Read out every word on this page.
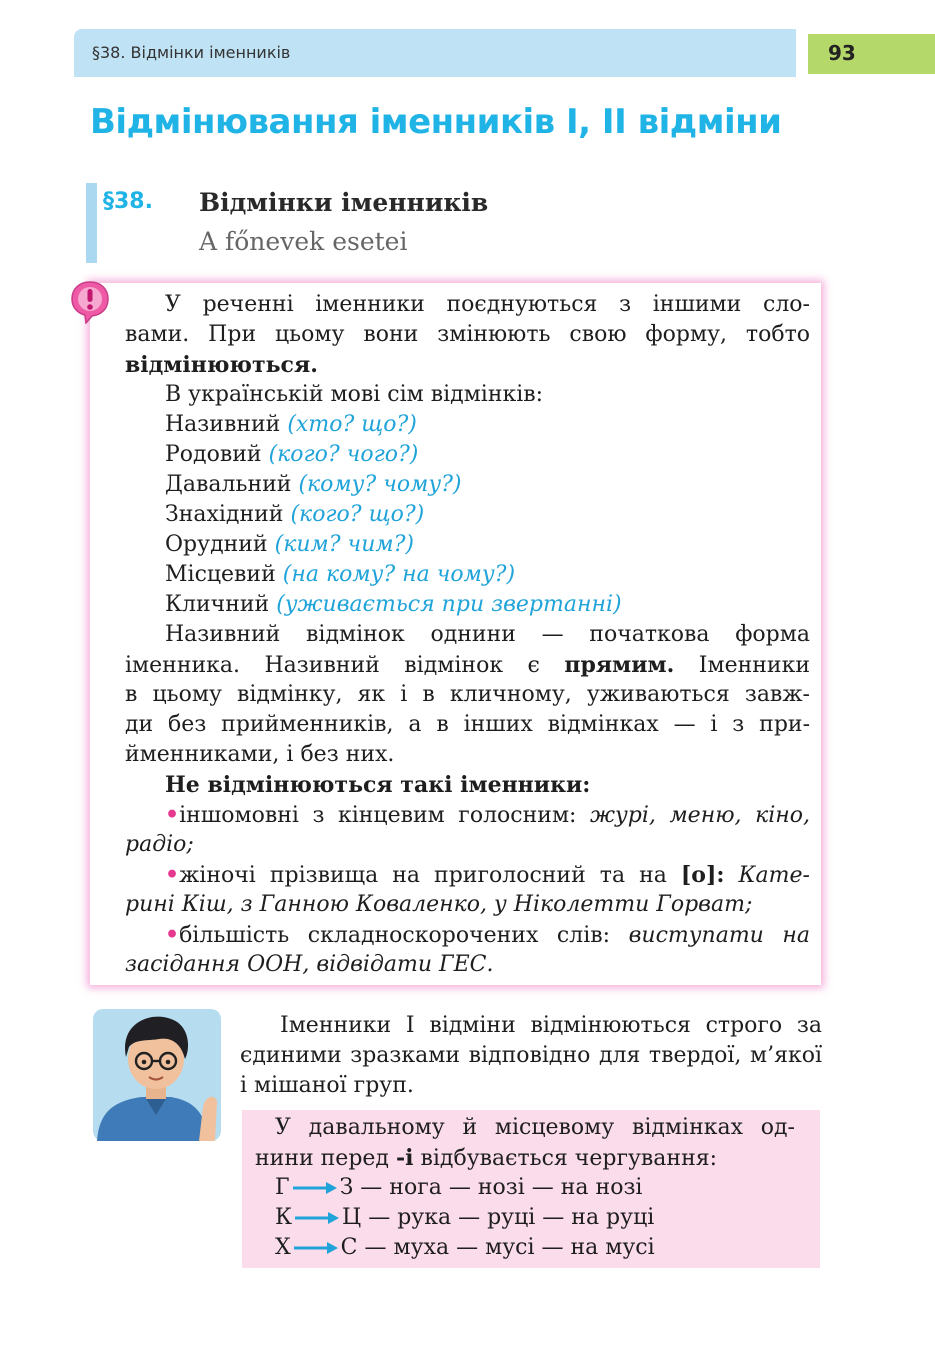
§38. Відмінки іменників	93
Відмінювання іменників І, ІІ відміни
§38. Відмінки іменників
A főnevek esetei
У реченні іменники поєднуються з іншими сло-
вами. При цьому вони змінюють свою форму, тобто
відмінюються.
В українській мові сім відмінків:
Називний (хто? що?)
Родовий (кого? чого?)
Давальний (кому? чому?)
Знахідний (кого? що?)
Орудний (ким? чим?)
Місцевий (на кому? на чому?)
Кличний (уживається при звертанні)
Називний відмінок однини — початкова форма
іменника. Називний відмінок є прямим. Іменники
в цьому відмінку, як і в кличному, уживаються завж-
ди без прийменників, а в інших відмінках — і з при-
йменниками, і без них.
Не відмінюються такі іменники:
•іншомовні з кінцевим голосним: журі, меню, кіно,
радіо;
•жіночі прізвища на приголосний та на [о]: Кате-
рині Кіш, з Ганною Коваленко, у Ніколетти Горват;
•більшість складноскорочених слів: виступати на
засідання ООН, відвідати ГЕС.
Іменники І відміни відмінюються строго за
єдиними зразками відповідно для твердої, м’якої
і мішаної груп.
У давальному й місцевому відмінках од-
нини перед -і відбувається чергування:
Г З — нога — нозі — на нозі
К Ц — рука — руці — на руці
Х С — муха — мусі — на мусі
